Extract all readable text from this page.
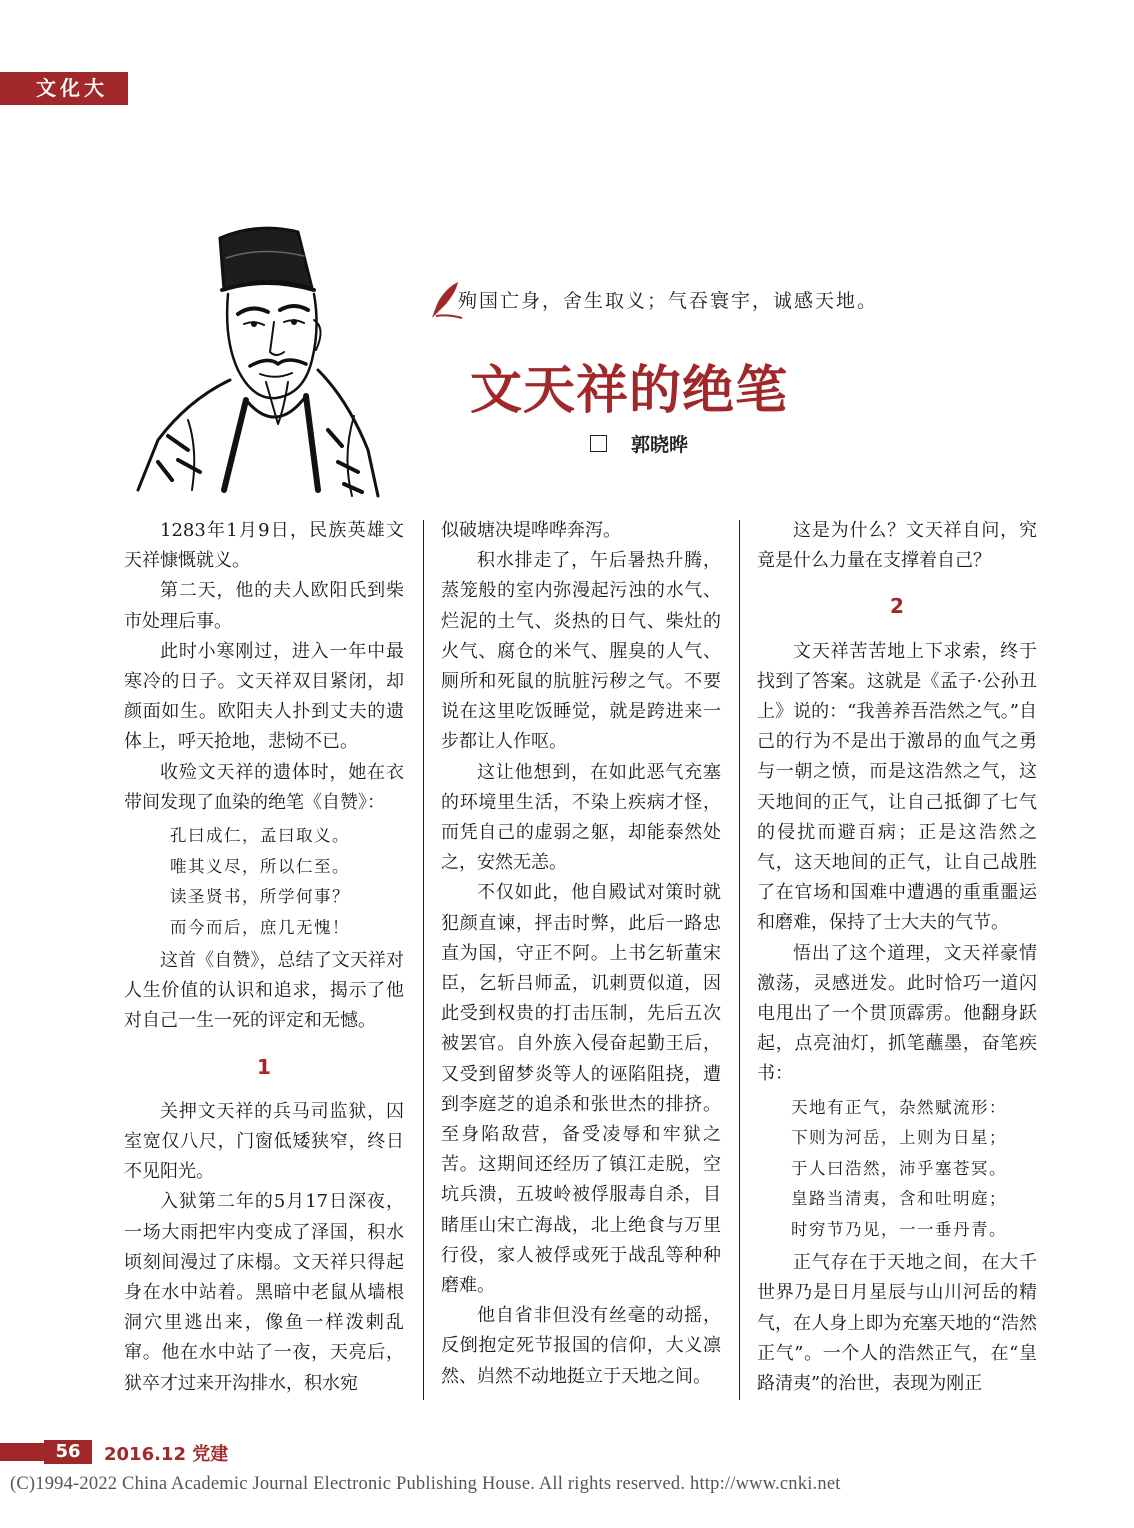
文化大观
殉国亡身，舍生取义；气吞寰宇，诚感天地。
文天祥的绝笔
郭晓晔

1283年1月9日，民族英雄文天祥慷慨就义。

第二天，他的夫人欧阳氏到柴市处理后事。

此时小寒刚过，进入一年中最寒冷的日子。文天祥双目紧闭，却颜面如生。欧阳夫人扑到丈夫的遗体上，呼天抢地，悲恸不已。

收殓文天祥的遗体时，她在衣带间发现了血染的绝笔《自赞》：

孔曰成仁，孟曰取义。
唯其义尽，所以仁至。
读圣贤书，所学何事？
而今而后，庶几无愧！

这首《自赞》，总结了文天祥对人生价值的认识和追求，揭示了他对自己一生一死的评定和无憾。

1

关押文天祥的兵马司监狱，囚室宽仅八尺，门窗低矮狭窄，终日不见阳光。

入狱第二年的5月17日深夜，一场大雨把牢内变成了泽国，积水顷刻间漫过了床榻。文天祥只得起身在水中站着。黑暗中老鼠从墙根洞穴里逃出来，像鱼一样泼剌乱窜。他在水中站了一夜，天亮后，狱卒才过来开沟排水，积水宛

似破塘决堤哗哗奔泻。

积水排走了，午后暑热升腾，蒸笼般的室内弥漫起污浊的水气、烂泥的土气、炎热的日气、柴灶的火气、腐仓的米气、腥臭的人气、厕所和死鼠的肮脏污秽之气。不要说在这里吃饭睡觉，就是跨进来一步都让人作呕。

这让他想到，在如此恶气充塞的环境里生活，不染上疾病才怪，而凭自己的虚弱之躯，却能泰然处之，安然无恙。

不仅如此，他自殿试对策时就犯颜直谏，抨击时弊，此后一路忠直为国，守正不阿。上书乞斩董宋臣，乞斩吕师孟，讥刺贾似道，因此受到权贵的打击压制，先后五次被罢官。自外族入侵奋起勤王后，又受到留梦炎等人的诬陷阻挠，遭到李庭芝的追杀和张世杰的排挤。至身陷敌营，备受凌辱和牢狱之苦。这期间还经历了镇江走脱，空坑兵溃，五坡岭被俘服毒自杀，目睹厓山宋亡海战，北上绝食与万里行役，家人被俘或死于战乱等种种磨难。

他自省非但没有丝毫的动摇，反倒抱定死节报国的信仰，大义凛然、岿然不动地挺立于天地之间。

这是为什么？文天祥自问，究竟是什么力量在支撑着自己？

2

文天祥苦苦地上下求索，终于找到了答案。这就是《孟子·公孙丑上》说的：“我善养吾浩然之气。”自己的行为不是出于激昂的血气之勇与一朝之愤，而是这浩然之气，这天地间的正气，让自己抵御了七气的侵扰而避百病；正是这浩然之气，这天地间的正气，让自己战胜了在官场和国难中遭遇的重重噩运和磨难，保持了士大夫的气节。

悟出了这个道理，文天祥豪情激荡，灵感迸发。此时恰巧一道闪电甩出了一个贯顶霹雳。他翻身跃起，点亮油灯，抓笔蘸墨，奋笔疾书：

天地有正气，杂然赋流形：
下则为河岳，上则为日星；
于人曰浩然，沛乎塞苍冥。
皇路当清夷，含和吐明庭；
时穷节乃见，一一垂丹青。

正气存在于天地之间，在大千世界乃是日月星辰与山川河岳的精气，在人身上即为充塞天地的“浩然正气”。一个人的浩然正气，在“皇路清夷”的治世，表现为刚正

56	2016.12 党建
(C)1994-2022 China Academic Journal Electronic Publishing House. All rights reserved. http://www.cnki.net
